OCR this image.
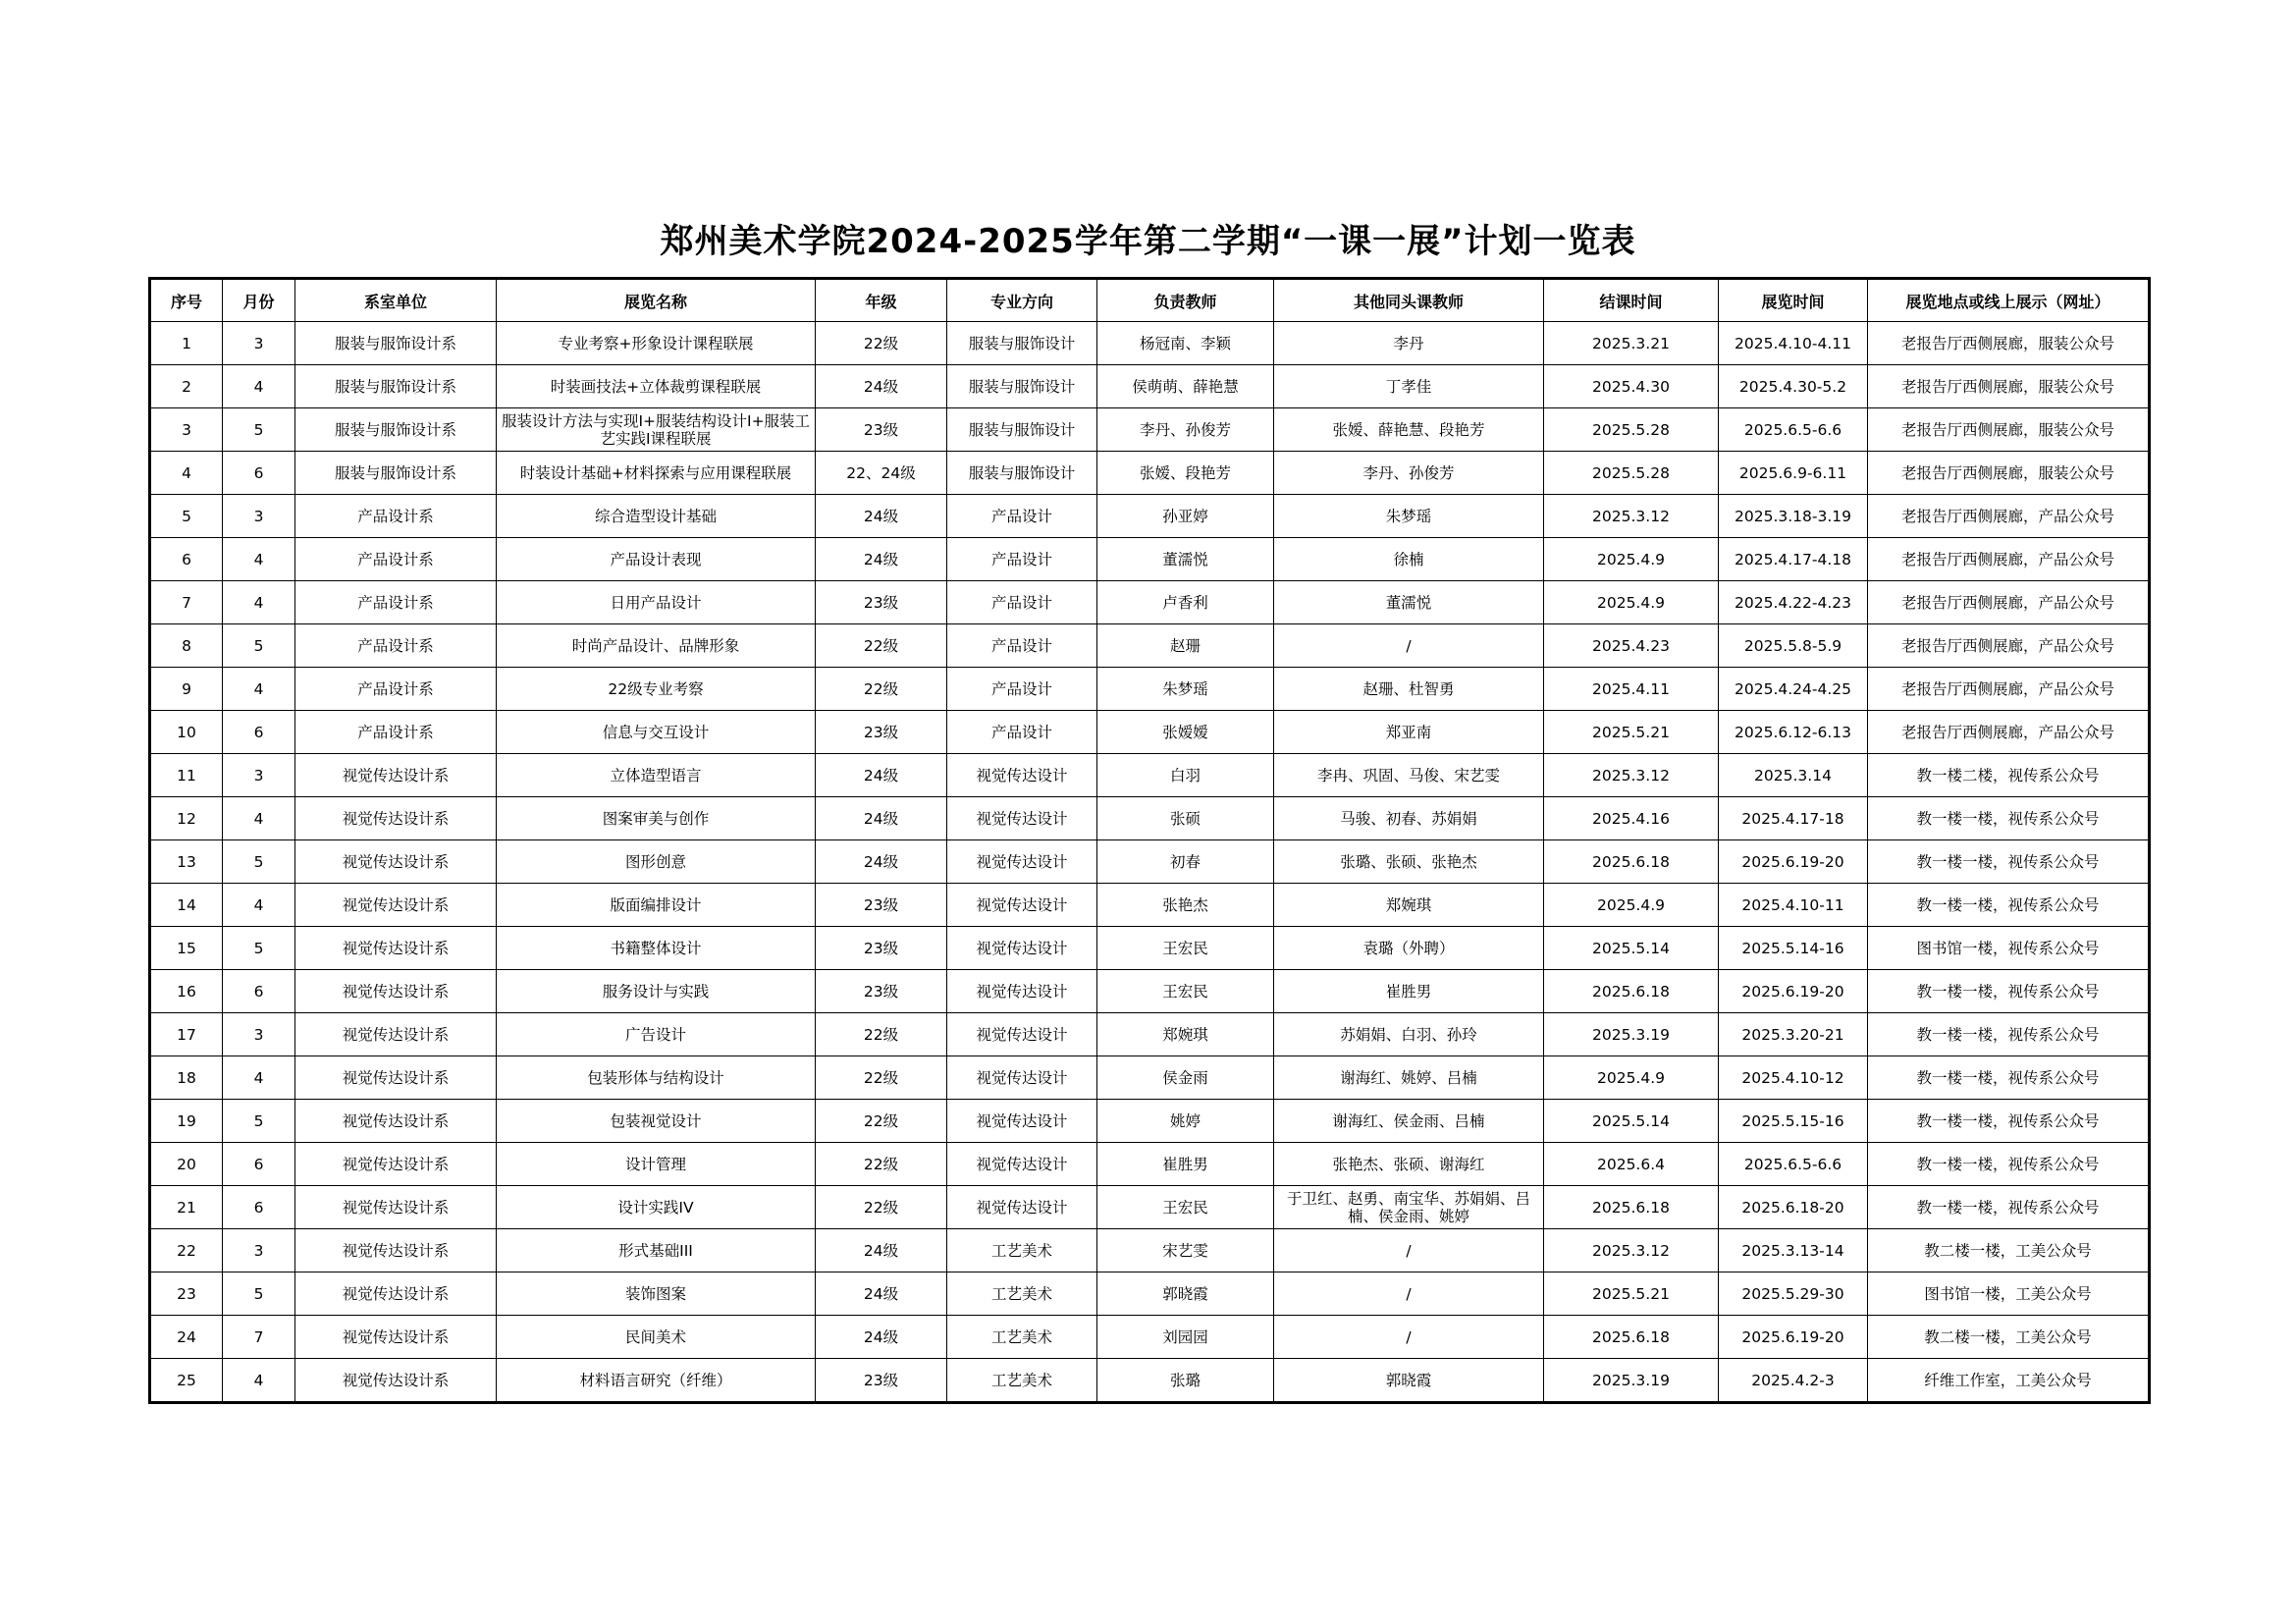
郑州美术学院2024-2025学年第二学期“一课一展”计划一览表
序号	月份	系室单位	展览名称	年级	专业方向	负责教师	其他同头课教师	结课时间	展览时间	展览地点或线上展示（网址）
1	3	服装与服饰设计系	专业考察+形象设计课程联展	22级	服装与服饰设计	杨冠南、李颖	李丹	2025.3.21	2025.4.10-4.11	老报告厅西侧展廊，服装公众号
2	4	服装与服饰设计系	时装画技法+立体裁剪课程联展	24级	服装与服饰设计	侯萌萌、薛艳慧	丁孝佳	2025.4.30	2025.4.30-5.2	老报告厅西侧展廊，服装公众号
3	5	服装与服饰设计系	服装设计方法与实现I+服装结构设计I+服装工艺实践I课程联展	23级	服装与服饰设计	李丹、孙俊芳	张嫒、薛艳慧、段艳芳	2025.5.28	2025.6.5-6.6	老报告厅西侧展廊，服装公众号
4	6	服装与服饰设计系	时装设计基础+材料探索与应用课程联展	22、24级	服装与服饰设计	张嫒、段艳芳	李丹、孙俊芳	2025.5.28	2025.6.9-6.11	老报告厅西侧展廊，服装公众号
5	3	产品设计系	综合造型设计基础	24级	产品设计	孙亚婷	朱梦瑶	2025.3.12	2025.3.18-3.19	老报告厅西侧展廊，产品公众号
6	4	产品设计系	产品设计表现	24级	产品设计	董濡悦	徐楠	2025.4.9	2025.4.17-4.18	老报告厅西侧展廊，产品公众号
7	4	产品设计系	日用产品设计	23级	产品设计	卢香利	董濡悦	2025.4.9	2025.4.22-4.23	老报告厅西侧展廊，产品公众号
8	5	产品设计系	时尚产品设计、品牌形象	22级	产品设计	赵珊	/	2025.4.23	2025.5.8-5.9	老报告厅西侧展廊，产品公众号
9	4	产品设计系	22级专业考察	22级	产品设计	朱梦瑶	赵珊、杜智勇	2025.4.11	2025.4.24-4.25	老报告厅西侧展廊，产品公众号
10	6	产品设计系	信息与交互设计	23级	产品设计	张嫒嫒	郑亚南	2025.5.21	2025.6.12-6.13	老报告厅西侧展廊，产品公众号
11	3	视觉传达设计系	立体造型语言	24级	视觉传达设计	白羽	李冉、巩固、马俊、宋艺雯	2025.3.12	2025.3.14	教一楼二楼，视传系公众号
12	4	视觉传达设计系	图案审美与创作	24级	视觉传达设计	张硕	马骏、初春、苏娟娟	2025.4.16	2025.4.17-18	教一楼一楼，视传系公众号
13	5	视觉传达设计系	图形创意	24级	视觉传达设计	初春	张璐、张硕、张艳杰	2025.6.18	2025.6.19-20	教一楼一楼，视传系公众号
14	4	视觉传达设计系	版面编排设计	23级	视觉传达设计	张艳杰	郑婉琪	2025.4.9	2025.4.10-11	教一楼一楼，视传系公众号
15	5	视觉传达设计系	书籍整体设计	23级	视觉传达设计	王宏民	袁璐（外聘）	2025.5.14	2025.5.14-16	图书馆一楼，视传系公众号
16	6	视觉传达设计系	服务设计与实践	23级	视觉传达设计	王宏民	崔胜男	2025.6.18	2025.6.19-20	教一楼一楼，视传系公众号
17	3	视觉传达设计系	广告设计	22级	视觉传达设计	郑婉琪	苏娟娟、白羽、孙玲	2025.3.19	2025.3.20-21	教一楼一楼，视传系公众号
18	4	视觉传达设计系	包装形体与结构设计	22级	视觉传达设计	侯金雨	谢海红、姚婷、吕楠	2025.4.9	2025.4.10-12	教一楼一楼，视传系公众号
19	5	视觉传达设计系	包装视觉设计	22级	视觉传达设计	姚婷	谢海红、侯金雨、吕楠	2025.5.14	2025.5.15-16	教一楼一楼，视传系公众号
20	6	视觉传达设计系	设计管理	22级	视觉传达设计	崔胜男	张艳杰、张硕、谢海红	2025.6.4	2025.6.5-6.6	教一楼一楼，视传系公众号
21	6	视觉传达设计系	设计实践IV	22级	视觉传达设计	王宏民	于卫红、赵勇、南宝华、苏娟娟、吕楠、侯金雨、姚婷	2025.6.18	2025.6.18-20	教一楼一楼，视传系公众号
22	3	视觉传达设计系	形式基础III	24级	工艺美术	宋艺雯	/	2025.3.12	2025.3.13-14	教二楼一楼，工美公众号
23	5	视觉传达设计系	装饰图案	24级	工艺美术	郭晓霞	/	2025.5.21	2025.5.29-30	图书馆一楼，工美公众号
24	7	视觉传达设计系	民间美术	24级	工艺美术	刘园园	/	2025.6.18	2025.6.19-20	教二楼一楼，工美公众号
25	4	视觉传达设计系	材料语言研究（纤维）	23级	工艺美术	张璐	郭晓霞	2025.3.19	2025.4.2-3	纤维工作室，工美公众号
